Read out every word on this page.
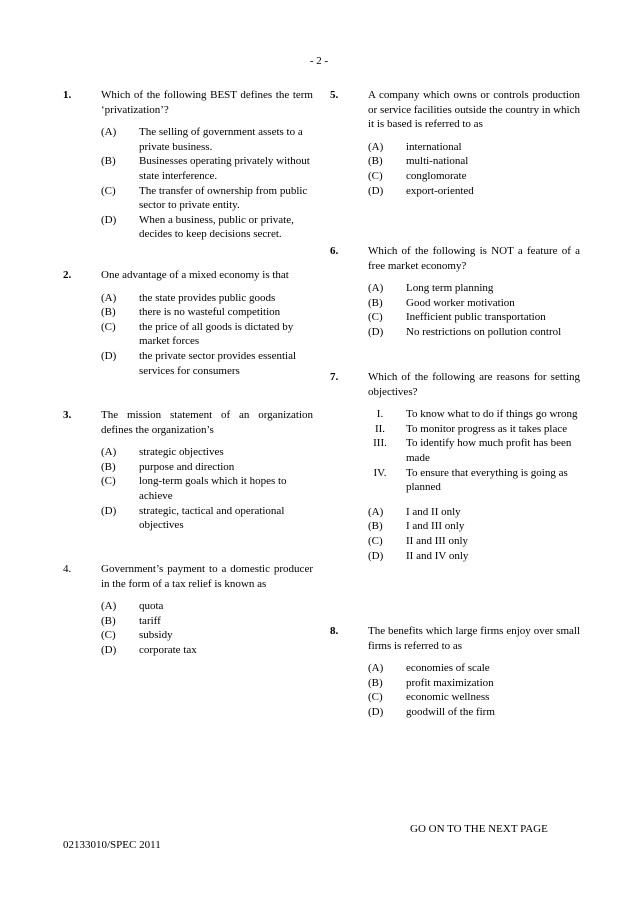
- 2 -
1.	Which of the following BEST defines the term ‘privatization’?
(A) The selling of government assets to a private business.
(B) Businesses operating privately without state interference.
(C) The transfer of ownership from public sector to private entity.
(D) When a business, public or private, decides to keep decisions secret.
2.	One advantage of a mixed economy is that
(A) the state provides public goods
(B) there is no wasteful competition
(C) the price of all goods is dictated by market forces
(D) the private sector provides essential services for consumers
3.	The mission statement of an organization defines the organization’s
(A) strategic objectives
(B) purpose and direction
(C) long-term goals which it hopes to achieve
(D) strategic, tactical and operational objectives
4.	Government’s payment to a domestic producer in the form of a tax relief is known as
(A) quota
(B) tariff
(C) subsidy
(D) corporate tax
5.	A company which owns or controls production or service facilities outside the country in which it is based is referred to as
(A) international
(B) multi-national
(C) conglomorate
(D) export-oriented
6.	Which of the following is NOT a feature of a free market economy?
(A) Long term planning
(B) Good worker motivation
(C) Inefficient public transportation
(D) No restrictions on pollution control
7.	Which of the following are reasons for setting objectives?
I.	To know what to do if things go wrong
II.	To monitor progress as it takes place
III.	To identify how much profit has been made
IV.	To ensure that everything is going as planned
(A) I and II only
(B) I and III only
(C) II and III only
(D) II and IV only
8.	The benefits which large firms enjoy over small firms is referred to as
(A) economies of scale
(B) profit maximization
(C) economic wellness
(D) goodwill of the firm
GO ON TO THE NEXT PAGE
02133010/SPEC 2011
